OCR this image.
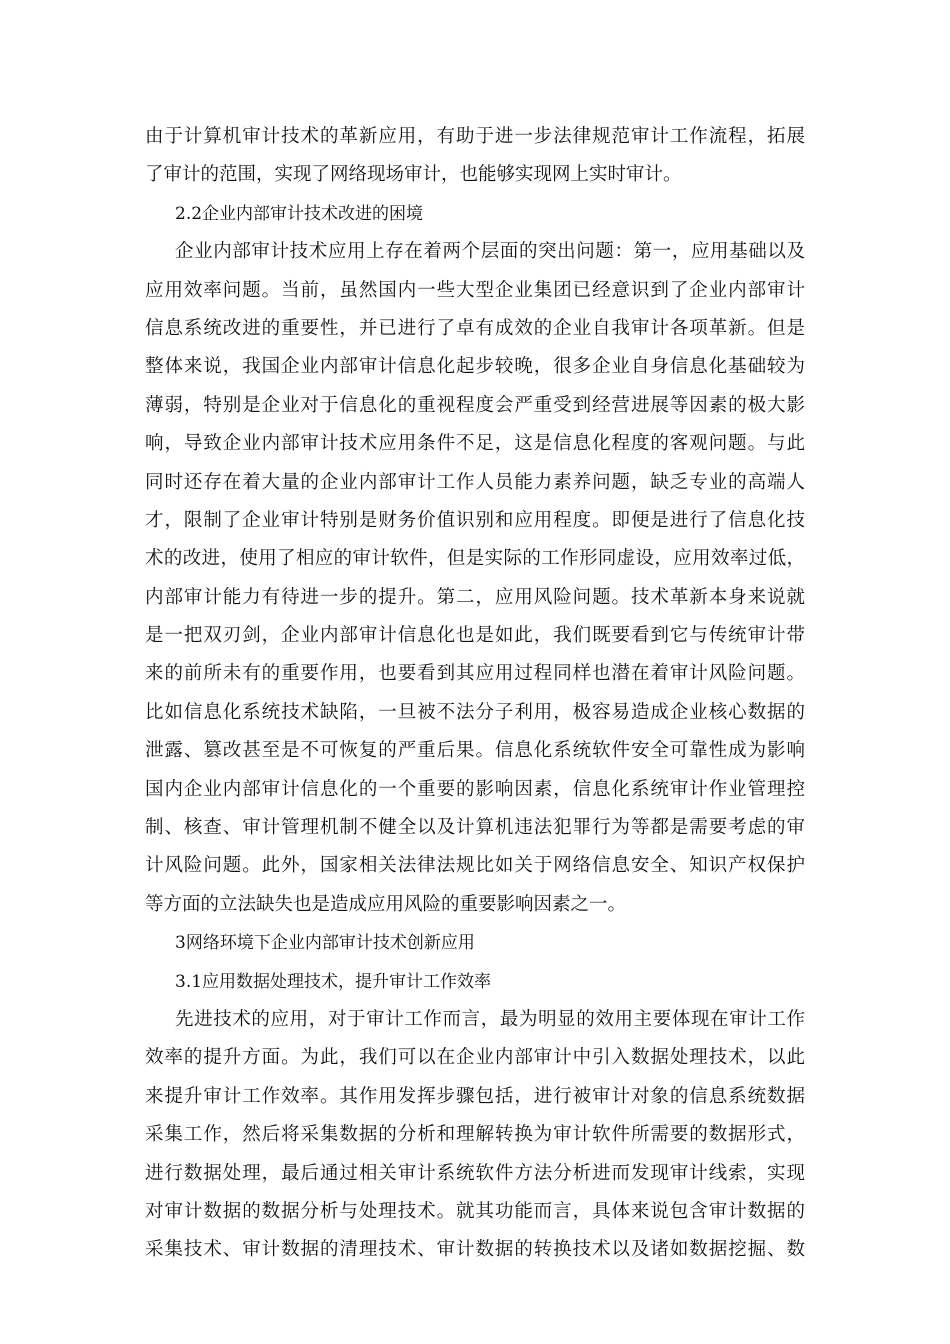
由于计算机审计技术的革新应用，有助于进一步法律规范审计工作流程，拓展
了审计的范围，实现了网络现场审计，也能够实现网上实时审计。
2.2企业内部审计技术改进的困境
企业内部审计技术应用上存在着两个层面的突出问题：第一，应用基础以及
应用效率问题。当前，虽然国内一些大型企业集团已经意识到了企业内部审计
信息系统改进的重要性，并已进行了卓有成效的企业自我审计各项革新。但是
整体来说，我国企业内部审计信息化起步较晚，很多企业自身信息化基础较为
薄弱，特别是企业对于信息化的重视程度会严重受到经营进展等因素的极大影
响，导致企业内部审计技术应用条件不足，这是信息化程度的客观问题。与此
同时还存在着大量的企业内部审计工作人员能力素养问题，缺乏专业的高端人
才，限制了企业审计特别是财务价值识别和应用程度。即便是进行了信息化技
术的改进，使用了相应的审计软件，但是实际的工作形同虚设，应用效率过低，
内部审计能力有待进一步的提升。第二，应用风险问题。技术革新本身来说就
是一把双刃剑，企业内部审计信息化也是如此，我们既要看到它与传统审计带
来的前所未有的重要作用，也要看到其应用过程同样也潜在着审计风险问题。
比如信息化系统技术缺陷，一旦被不法分子利用，极容易造成企业核心数据的
泄露、篡改甚至是不可恢复的严重后果。信息化系统软件安全可靠性成为影响
国内企业内部审计信息化的一个重要的影响因素，信息化系统审计作业管理控
制、核查、审计管理机制不健全以及计算机违法犯罪行为等都是需要考虑的审
计风险问题。此外，国家相关法律法规比如关于网络信息安全、知识产权保护
等方面的立法缺失也是造成应用风险的重要影响因素之一。
3网络环境下企业内部审计技术创新应用
3.1应用数据处理技术，提升审计工作效率
先进技术的应用，对于审计工作而言，最为明显的效用主要体现在审计工作
效率的提升方面。为此，我们可以在企业内部审计中引入数据处理技术，以此
来提升审计工作效率。其作用发挥步骤包括，进行被审计对象的信息系统数据
采集工作，然后将采集数据的分析和理解转换为审计软件所需要的数据形式，
进行数据处理，最后通过相关审计系统软件方法分析进而发现审计线索，实现
对审计数据的数据分析与处理技术。就其功能而言，具体来说包含审计数据的
采集技术、审计数据的清理技术、审计数据的转换技术以及诸如数据挖掘、数
